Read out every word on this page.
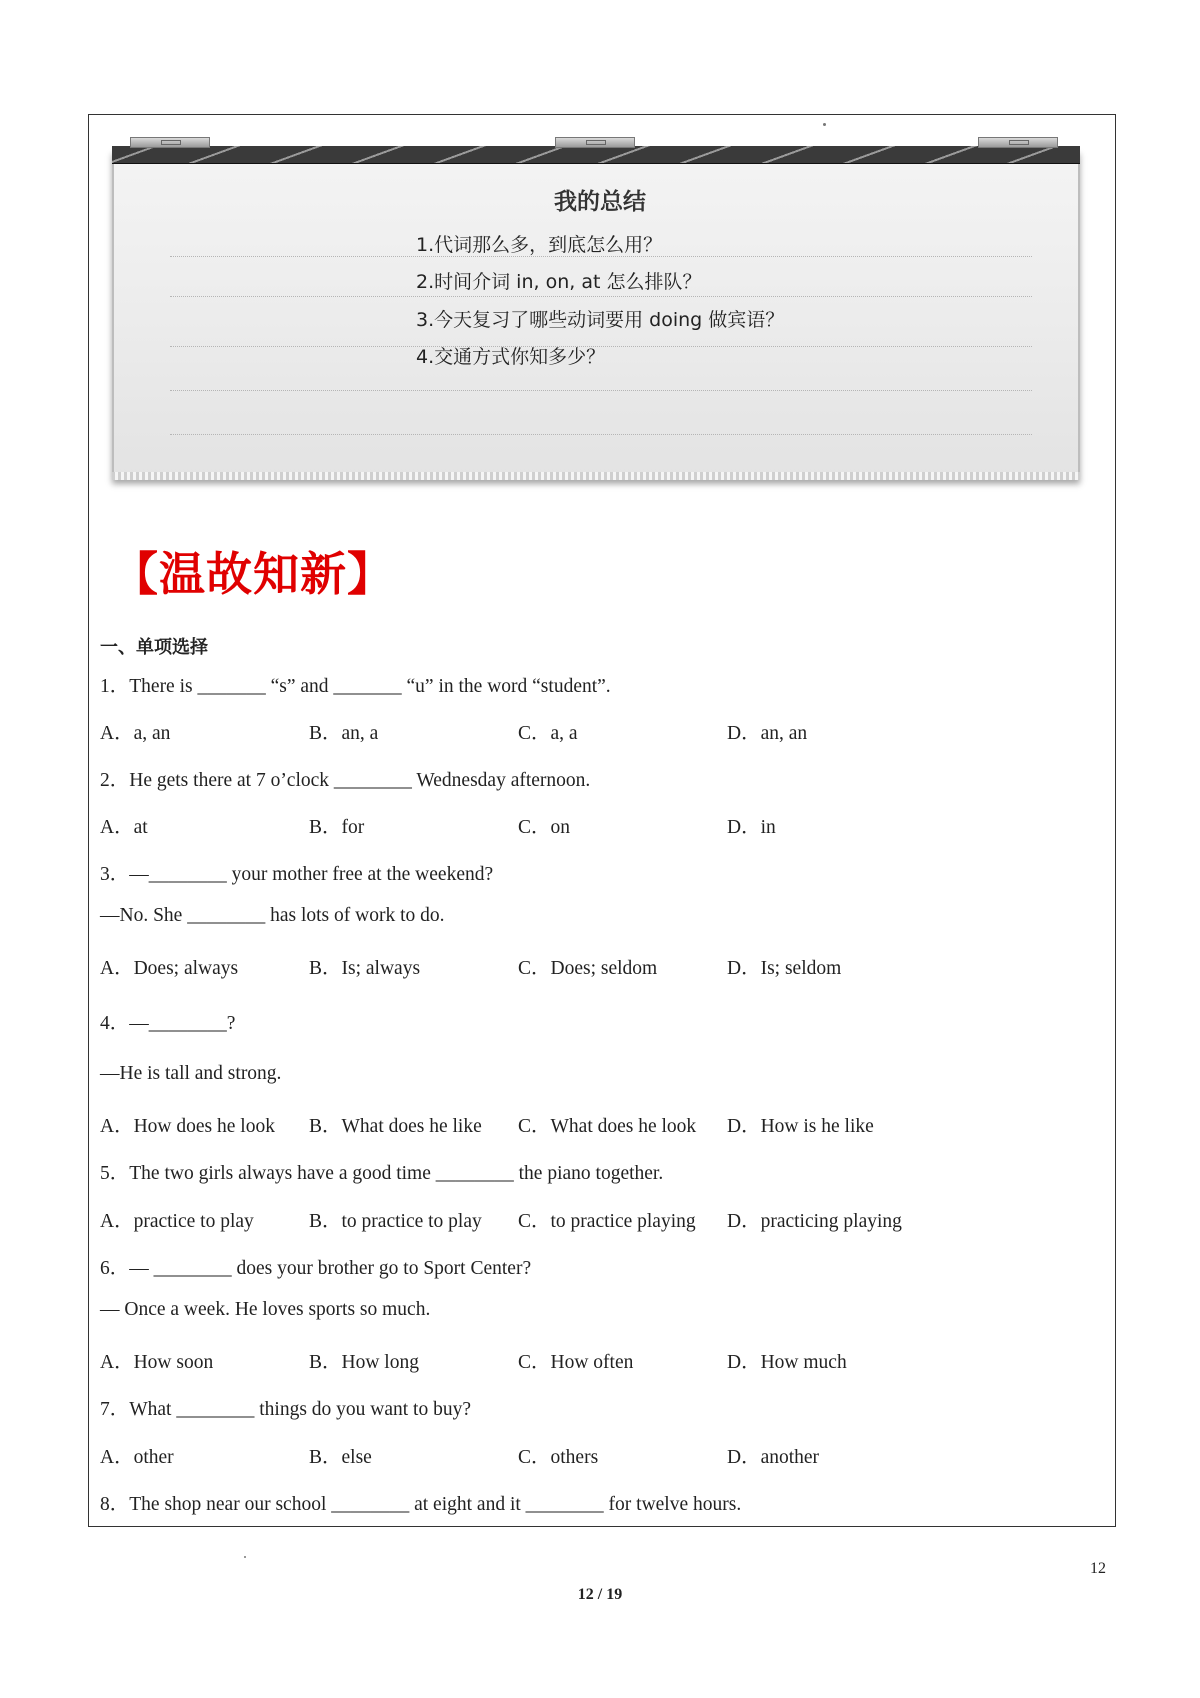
我的总结
1.代词那么多，到底怎么用？
2.时间介词 in, on, at 怎么排队？
3.今天复习了哪些动词要用 doing 做宾语？
4.交通方式你知多少？
【温故知新】
一、单项选择
1．There is _______ “s” and _______ “u” in the word “student”.
A．a, an	B．an, a	C．a, a	D．an, an
2．He gets there at 7 o’clock ________ Wednesday afternoon.
A．at	B．for	C．on	D．in
3．—________ your mother free at the weekend?
—No. She ________ has lots of work to do.
A．Does; always	B．Is; always	C．Does; seldom	D．Is; seldom
4．—________?
—He is tall and strong.
A．How does he look B．What does he like C．What does he look D．How is he like
5．The two girls always have a good time ________ the piano together.
A．practice to play	B．to practice to play C．to practice playing D．practicing playing
6．— ________ does your brother go to Sport Center?
— Once a week. He loves sports so much.
A．How soon	B．How long	C．How often	D．How much
7．What ________ things do you want to buy?
A．other	B．else	C．others	D．another
8．The shop near our school ________ at eight and it ________ for twelve hours.
12
12 / 19
